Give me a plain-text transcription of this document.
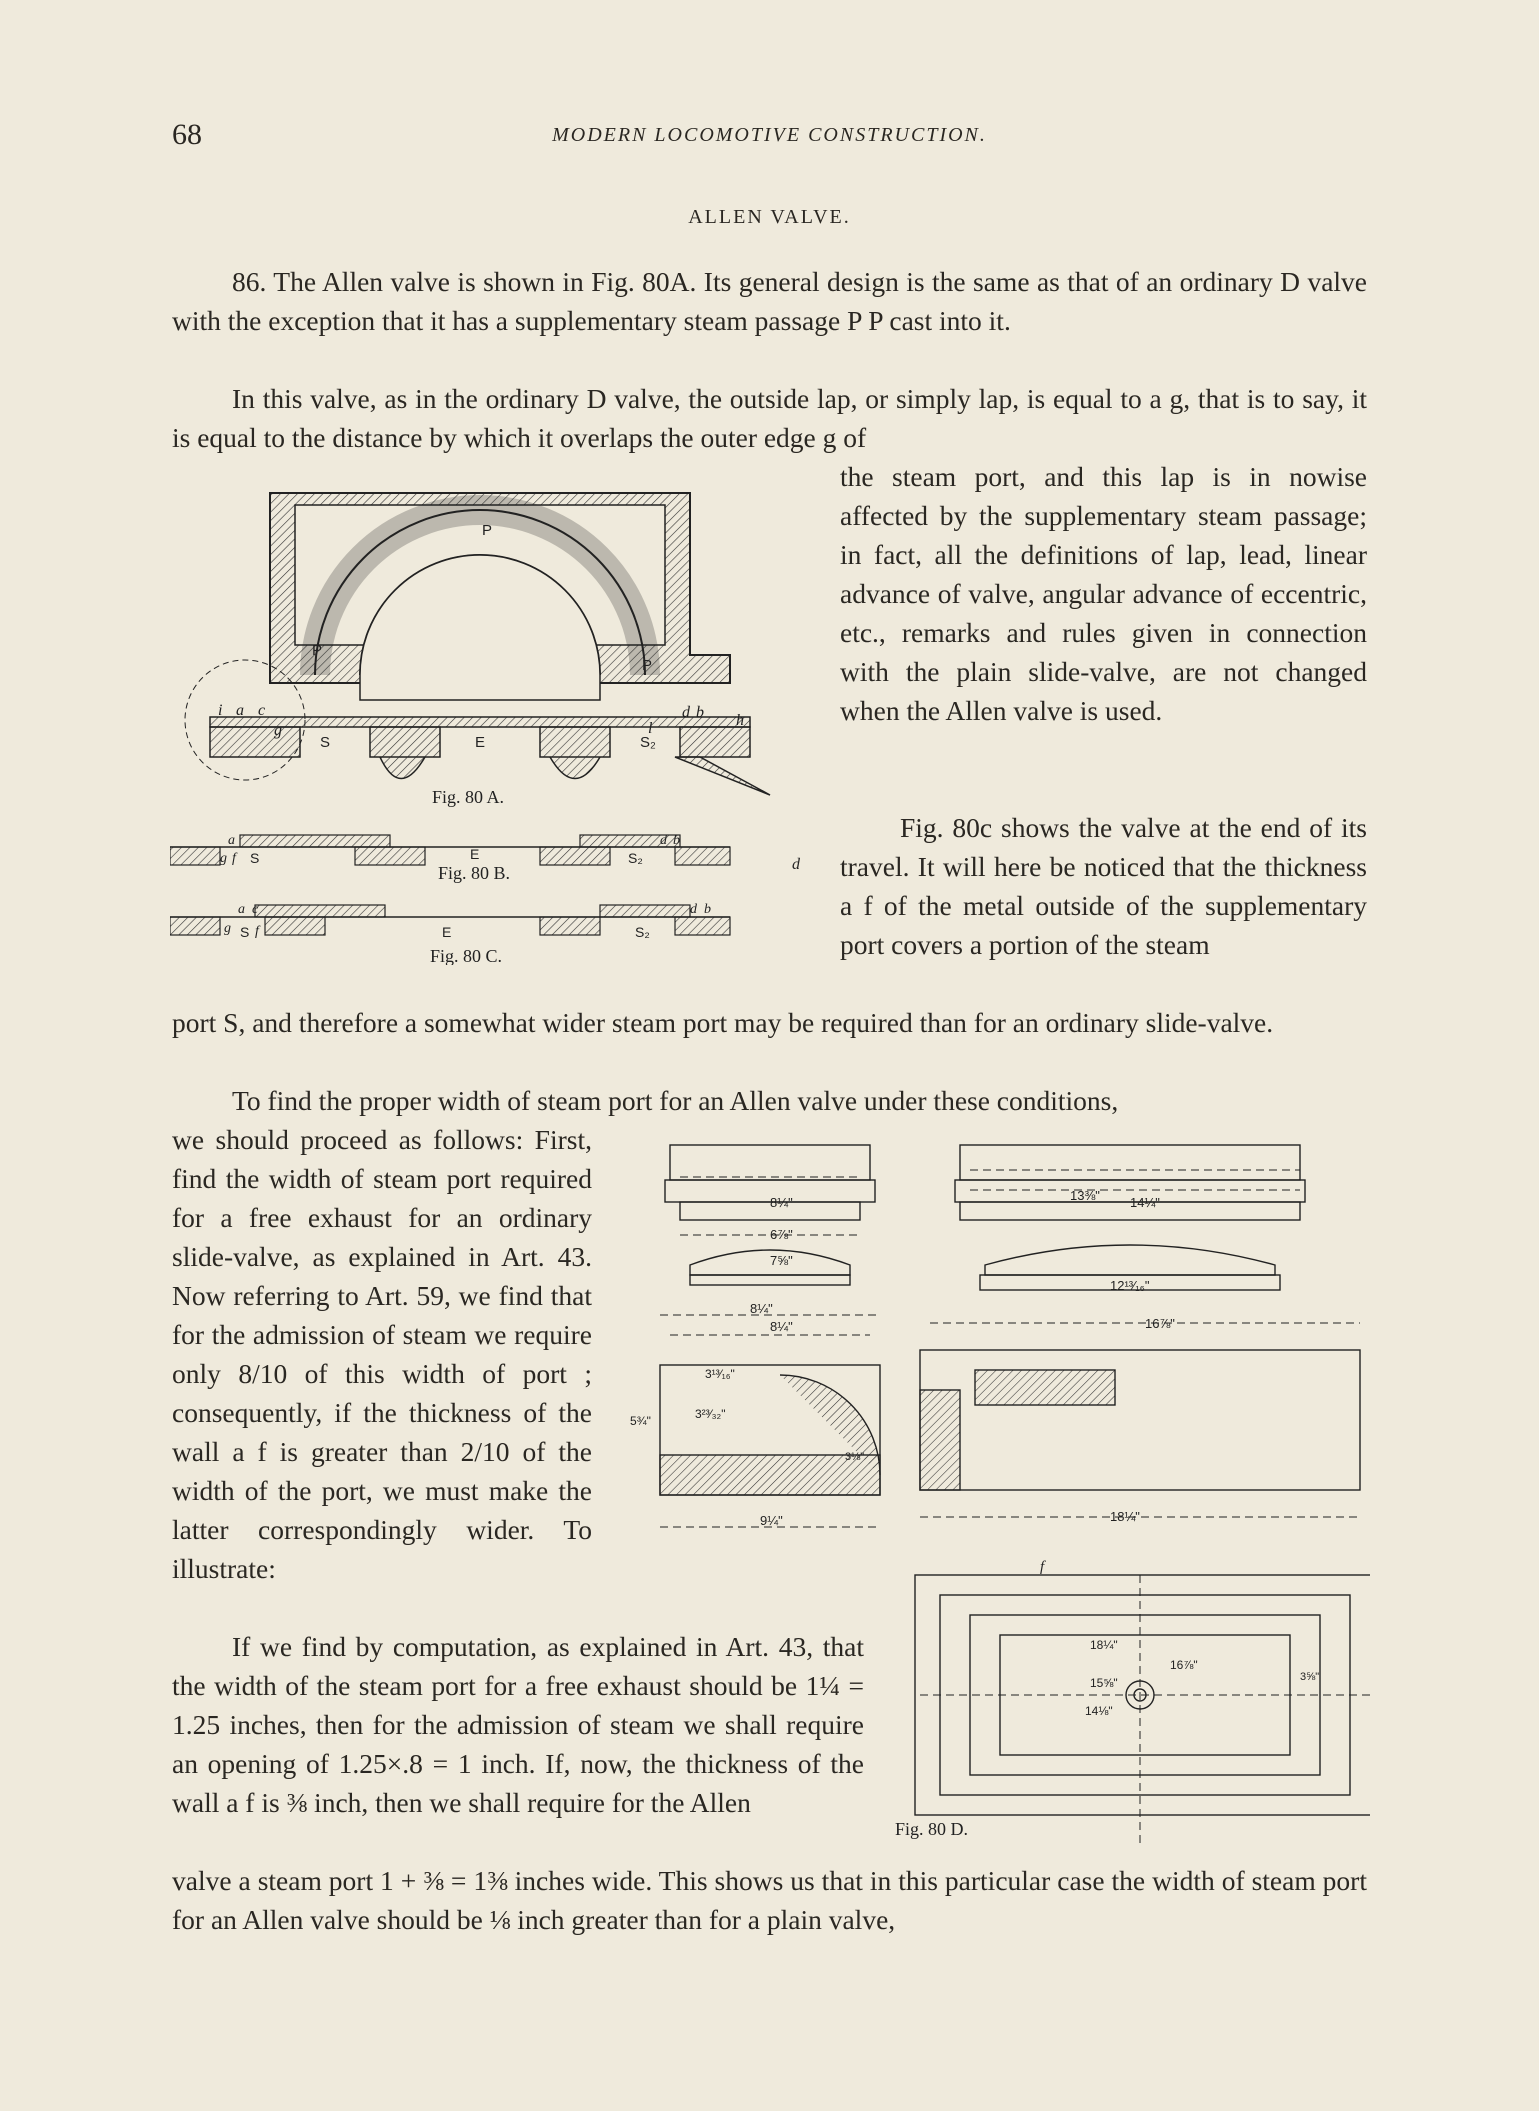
68	MODERN LOCOMOTIVE CONSTRUCTION.
ALLEN VALVE.

86. The Allen valve is shown in Fig. 80A. Its general design is the same as that of an ordinary D valve with the exception that it has a supplementary steam passage P P cast into it.

In this valve, as in the ordinary D valve, the outside lap, or simply lap, is equal to a g, that is to say, it is equal to the distance by which it overlaps the outer edge g of

the steam port, and this lap is in nowise affected by the supplementary steam passage; in fact, all the definitions of lap, lead, linear advance of valve, angular advance of eccentric, etc., remarks and rules given in connection with the plain slide-valve, are not changed when the Allen valve is used.

Fig. 80c shows the valve at the end of its travel. It will here be noticed that the thickness a f of the metal outside of the supplementary port covers a portion of the steam

port S, and therefore a somewhat wider steam port may be required than for an ordinary slide-valve.

To find the proper width of steam port for an Allen valve under these conditions,

we should proceed as follows: First, find the width of steam port required for a free exhaust for an ordinary slide-valve, as explained in Art. 43. Now referring to Art. 59, we find that for the admission of steam we require only 8/10 of this width of port ; consequently, if the thickness of the wall a f is greater than 2/10 of the width of the port, we must make the latter correspondingly wider. To illustrate:

If we find by computation, as explained in Art. 43, that the width of the steam port for a free exhaust should be 1¼ = 1.25 inches, then for the admission of steam we shall require an opening of 1.25×.8 = 1 inch. If, now, the thickness of the wall a f is ⅜ inch, then we shall require for the Allen

valve a steam port 1 + ⅜ = 1⅜ inches wide. This shows us that in this particular case the width of steam port for an Allen valve should be ⅛ inch greater than for a plain valve,

P
P
P
S	E	S₂
i a c
g
d b h
l
Fig. 80 A.
a
g f S	E	S₂
d b
d
Fig. 80 B.
a c
g S f	E	S₂
d b
Fig. 80 C.
8¼"
6⅞"
7⅝"
8¼"
8¼"
3¹³⁄₁₆"
3²³⁄₃₂"
5¾"
9¼"
3⅛"
13⅜" 14¼"
12¹³⁄₁₆"
16⅞"
18¼"
18¼"
16⅞"
15⅝"
14⅛"
3⅝"
f
Fig. 80 D.
